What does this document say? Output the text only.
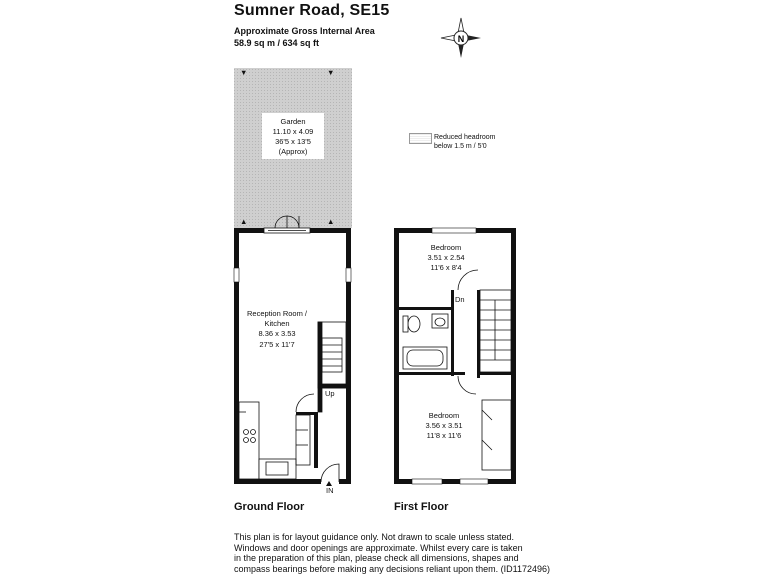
Sumner Road, SE15
Approximate Gross Internal Area
58.9 sq m / 634 sq ft
Reduced headroom
below 1.5 m / 5'0
N
Garden
11.10 x 4.09
36'5 x 13'5
(Approx)
▼	▼
▲	▲
Reception Room /
Kitchen
8.36 x 3.53
27'5 x 11'7
Up
IN
Bedroom
3.51 x 2.54
11'6 x 8'4
Dn
Bedroom
3.56 x 3.51
11'8 x 11'6
Ground Floor	First Floor
This plan is for layout guidance only. Not drawn to scale unless stated.
Windows and door openings are approximate. Whilst every care is taken
in the preparation of this plan, please check all dimensions, shapes and
compass bearings before making any decisions reliant upon them. (ID1172496)
